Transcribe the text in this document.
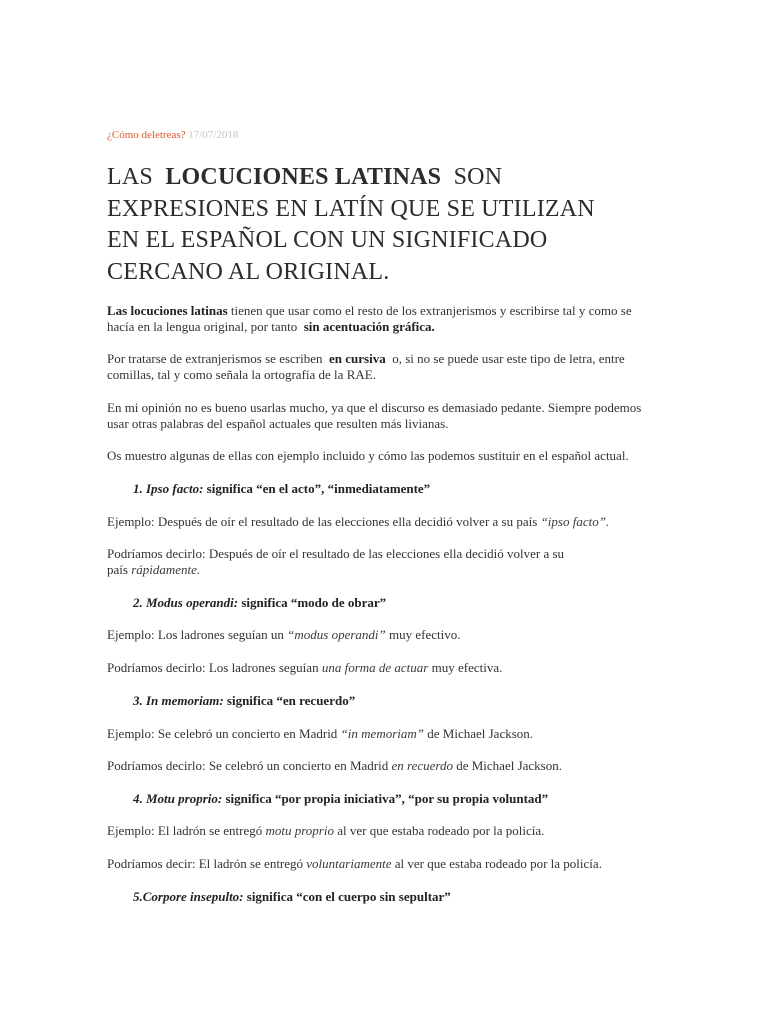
¿Cómo deletreas? 17/07/2018
LAS  LOCUCIONES LATINAS  SON
EXPRESIONES EN LATÍN QUE SE UTILIZAN
EN EL ESPAÑOL CON UN SIGNIFICADO
CERCANO AL ORIGINAL.
Las locuciones latinas tienen que usar como el resto de los extranjerismos y escribirse tal y como se
hacía en la lengua original, por tanto  sin acentuación gráfica.
Por tratarse de extranjerismos se escriben  en cursiva  o, si no se puede usar este tipo de letra, entre
comillas, tal y como señala la ortografía de la RAE.
En mi opinión no es bueno usarlas mucho, ya que el discurso es demasiado pedante. Siempre podemos
usar otras palabras del español actuales que resulten más livianas.
Os muestro algunas de ellas con ejemplo incluido y cómo las podemos sustituir en el español actual.
1. Ipso facto: significa “en el acto”, “inmediatamente”
Ejemplo: Después de oír el resultado de las elecciones ella decidió volver a su país “ipso facto”.
Podríamos decirlo: Después de oír el resultado de las elecciones ella decidió volver a su
país rápidamente.
2. Modus operandi: significa “modo de obrar”
Ejemplo: Los ladrones seguían un “modus operandi” muy efectivo.
Podríamos decirlo: Los ladrones seguían una forma de actuar muy efectiva.
3. In memoriam: significa “en recuerdo”
Ejemplo: Se celebró un concierto en Madrid “in memoriam” de Michael Jackson.
Podríamos decirlo: Se celebró un concierto en Madrid en recuerdo de Michael Jackson.
4. Motu proprio: significa “por propia iniciativa”, “por su propia voluntad”
Ejemplo: El ladrón se entregó motu proprio al ver que estaba rodeado por la policía.
Podríamos decir: El ladrón se entregó voluntariamente al ver que estaba rodeado por la policía.
5.Corpore insepulto: significa “con el cuerpo sin sepultar”
